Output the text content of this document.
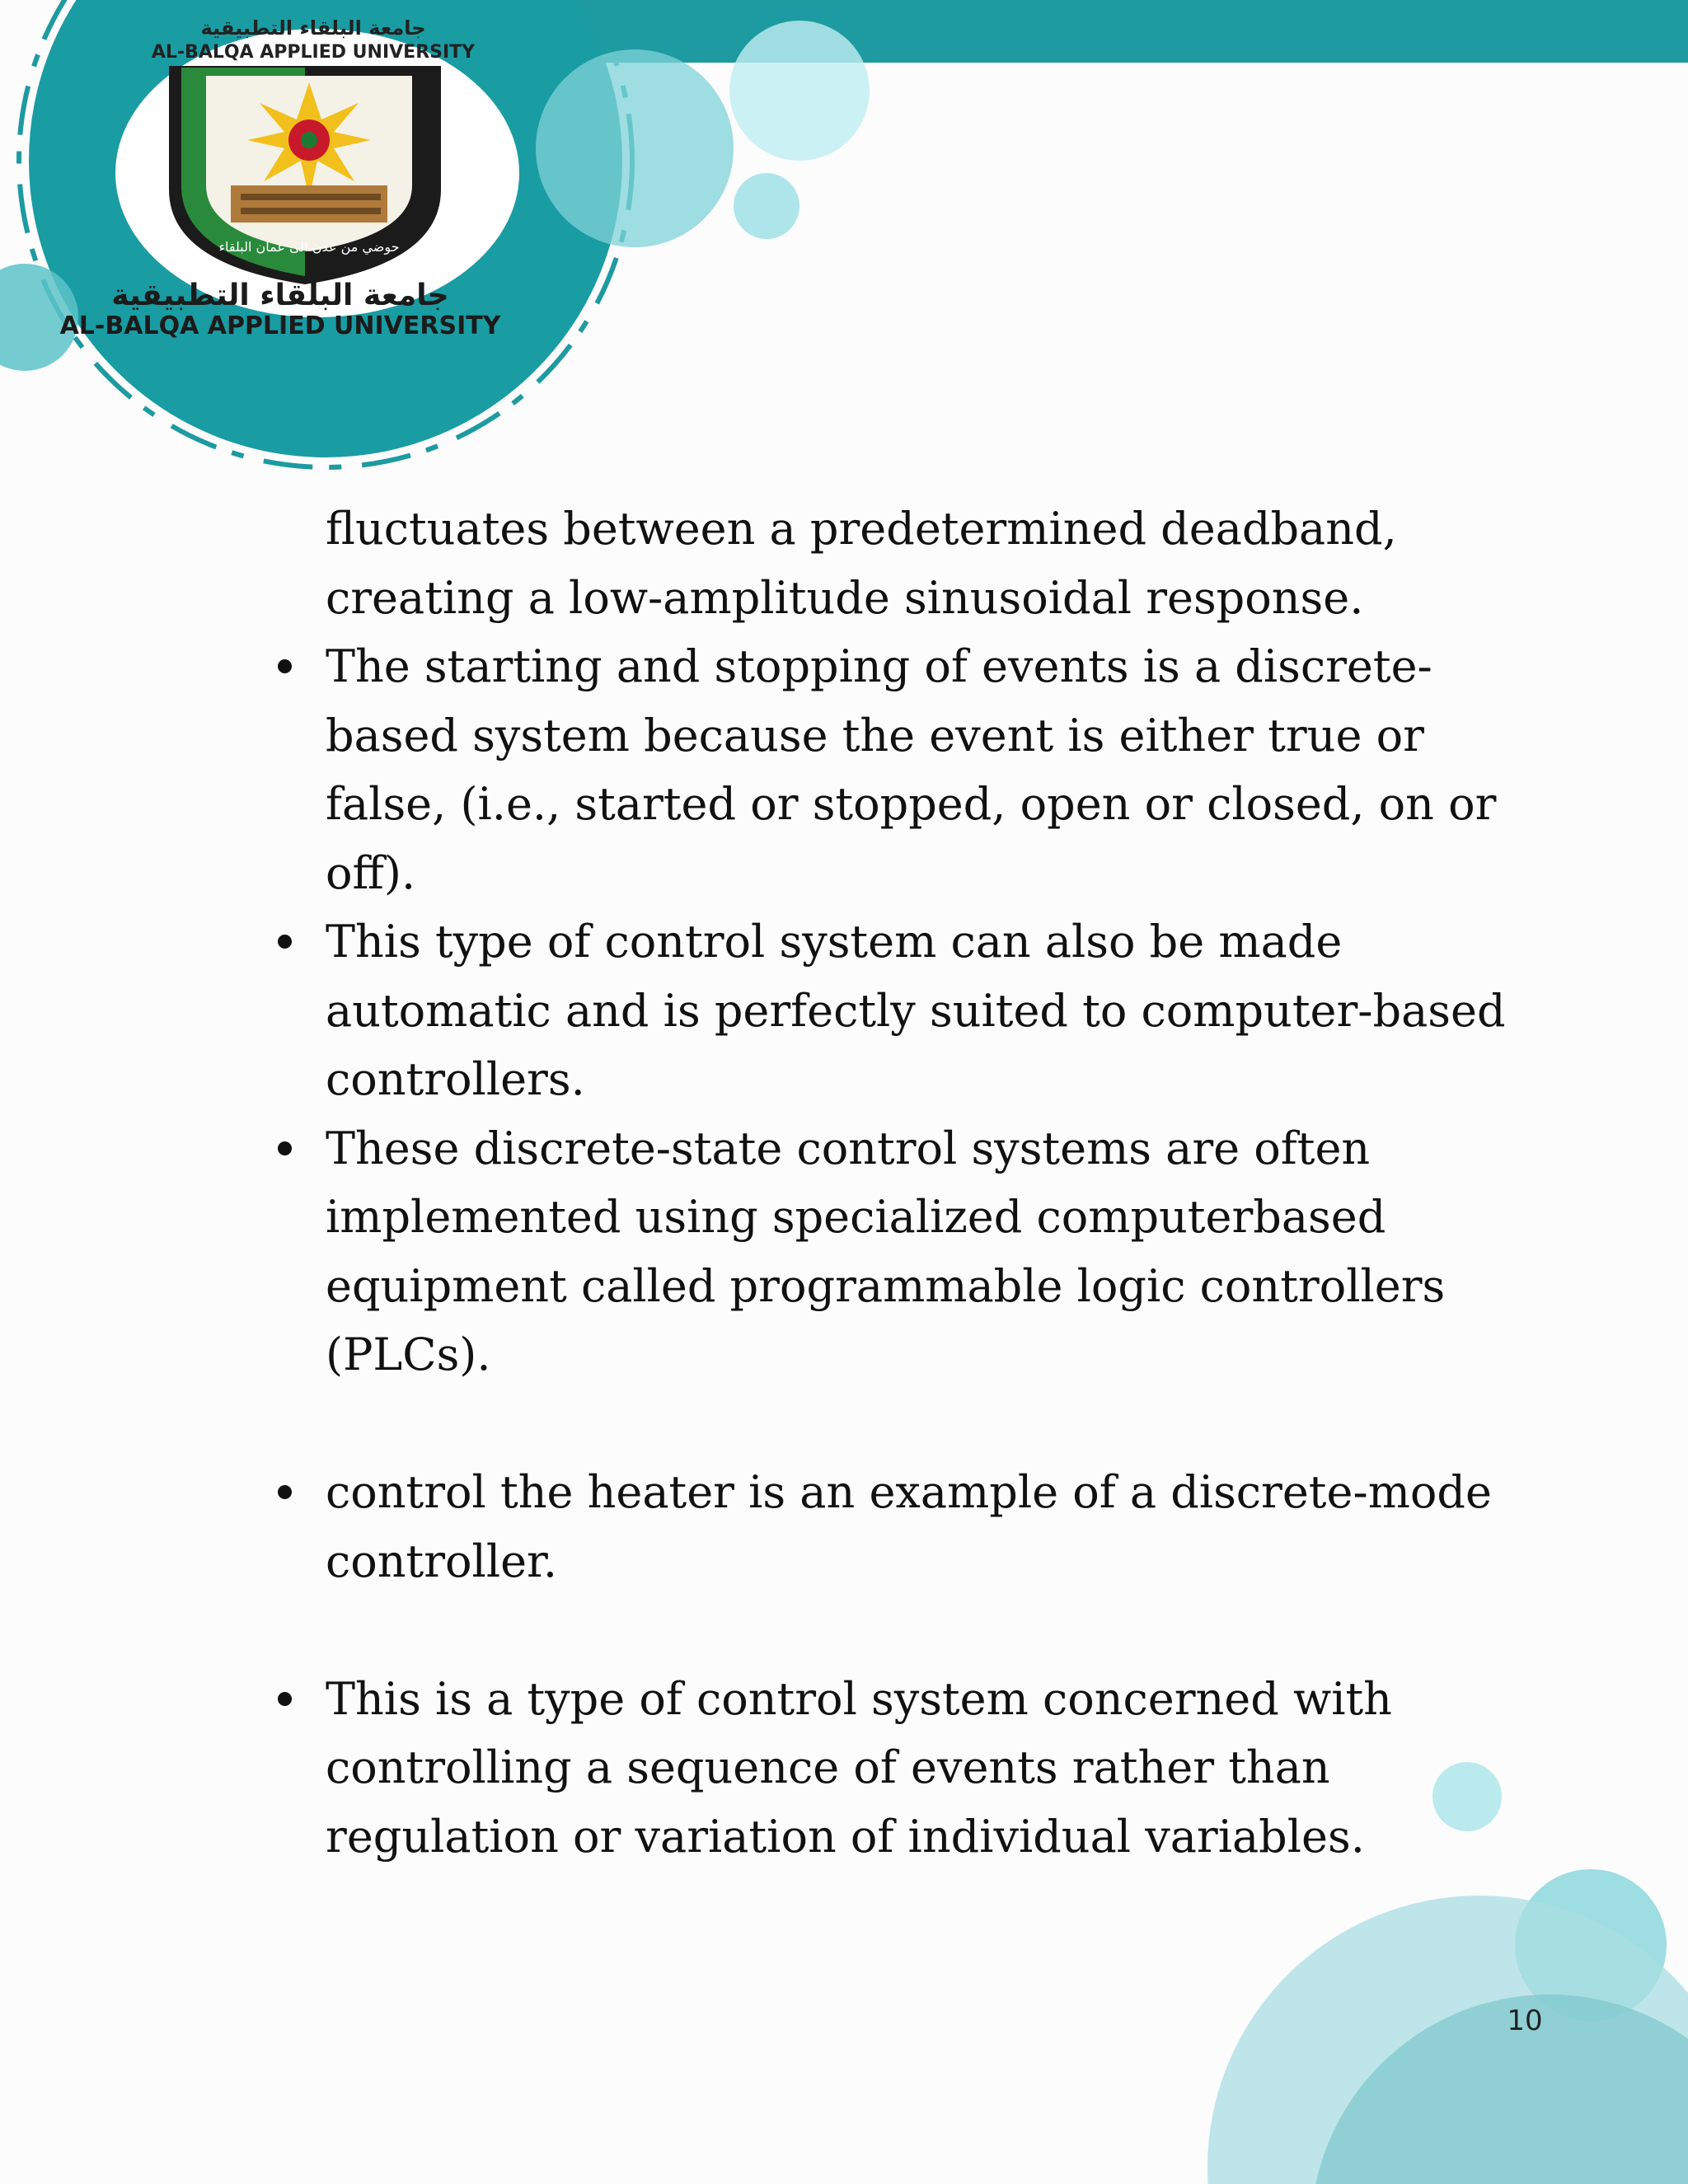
جامعة البلقاء التطبيقية
AL-BALQA APPLIED UNIVERSITY
حوضي من عدن الى عمان البلقاء
جامعة البلقاء التطبيقية
AL-BALQA APPLIED UNIVERSITY

fluctuates between a predetermined deadband, creating a low-amplitude sinusoidal response.

The starting and stopping of events is a discrete-based system because the event is either true or false, (i.e., started or stopped, open or closed, on or off).
This type of control system can also be made automatic and is perfectly suited to computer-based controllers.
These discrete-state control systems are often implemented using specialized computerbased equipment called programmable logic controllers (PLCs).
control the heater is an example of a discrete-mode controller.
This is a type of control system concerned with controlling a sequence of events rather than regulation or variation of individual variables.
10
